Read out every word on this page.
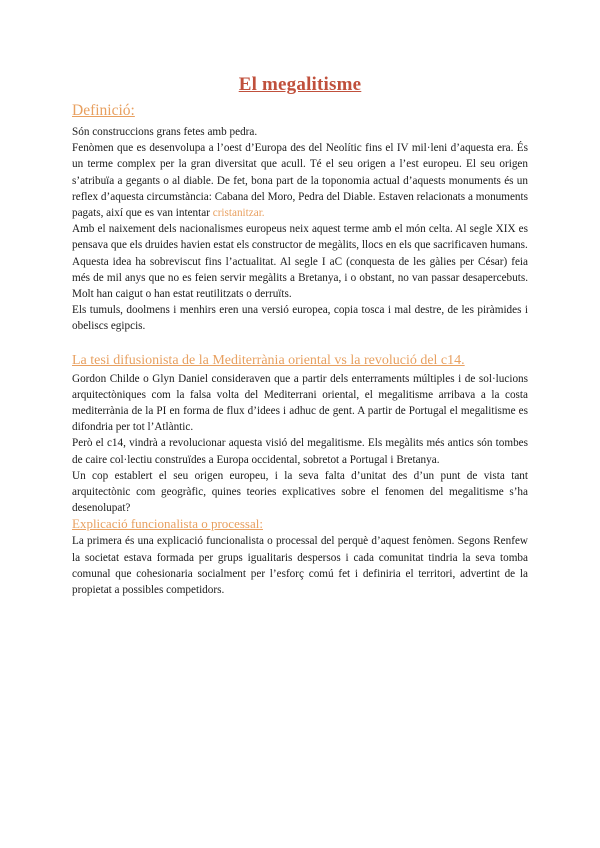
El megalitisme
Definició:

Són construccions grans fetes amb pedra.

Fenòmen que es desenvolupa a l’oest d’Europa des del Neolític fins el IV mil·leni d’aquesta era. És un terme complex per la gran diversitat que acull. Té el seu origen a l’est europeu. El seu origen s’atribuïa a gegants o al diable. De fet, bona part de la toponomia actual d’aquests monuments és un reflex d’aquesta circumstància: Cabana del Moro, Pedra del Diable. Estaven relacionats a monuments pagats, així que es van intentar cristanitzar.

Amb el naixement dels nacionalismes europeus neix aquest terme amb el món celta. Al segle XIX es pensava que els druides havien estat els constructor de megàlits, llocs en els que sacrificaven humans.

Aquesta idea ha sobreviscut fins l’actualitat. Al segle I aC (conquesta de les gàlies per César) feia més de mil anys que no es feien servir megàlits a Bretanya, i o obstant, no van passar desapercebuts. Molt han caigut o han estat reutilitzats o derruïts.

Els tumuls, doolmens i menhirs eren una versió europea, copia tosca i mal destre, de les piràmides i obeliscs egipcis.

La tesi difusionista de la Mediterrània oriental vs la revolució del c14.

Gordon Childe o Glyn Daniel consideraven que a partir dels enterraments múltiples i de sol·lucions arquitectòniques com la falsa volta del Mediterrani oriental, el megalitisme arribava a la costa mediterrània de la PI en forma de flux d’idees i adhuc de gent. A partir de Portugal el megalitisme es difondria per tot l’Atlàntic.

Però el c14, vindrà a revolucionar aquesta visió del megalitisme. Els megàlits més antics són tombes de caire col·lectiu construïdes a Europa occidental, sobretot a Portugal i Bretanya.

Un cop establert el seu origen europeu, i la seva falta d’unitat des d’un punt de vista tant arquitectònic com geogràfic, quines teories explicatives sobre el fenomen del megalitisme s’ha desenolupat?

Explicació funcionalista o processal:

La primera és una explicació funcionalista o processal del perquè d’aquest fenòmen. Segons Renfew la societat estava formada per grups igualitaris despersos i cada comunitat tindria la seva tomba comunal que cohesionaria socialment per l’esforç comú fet i definiria el territori, advertint de la propietat a possibles competidors.
